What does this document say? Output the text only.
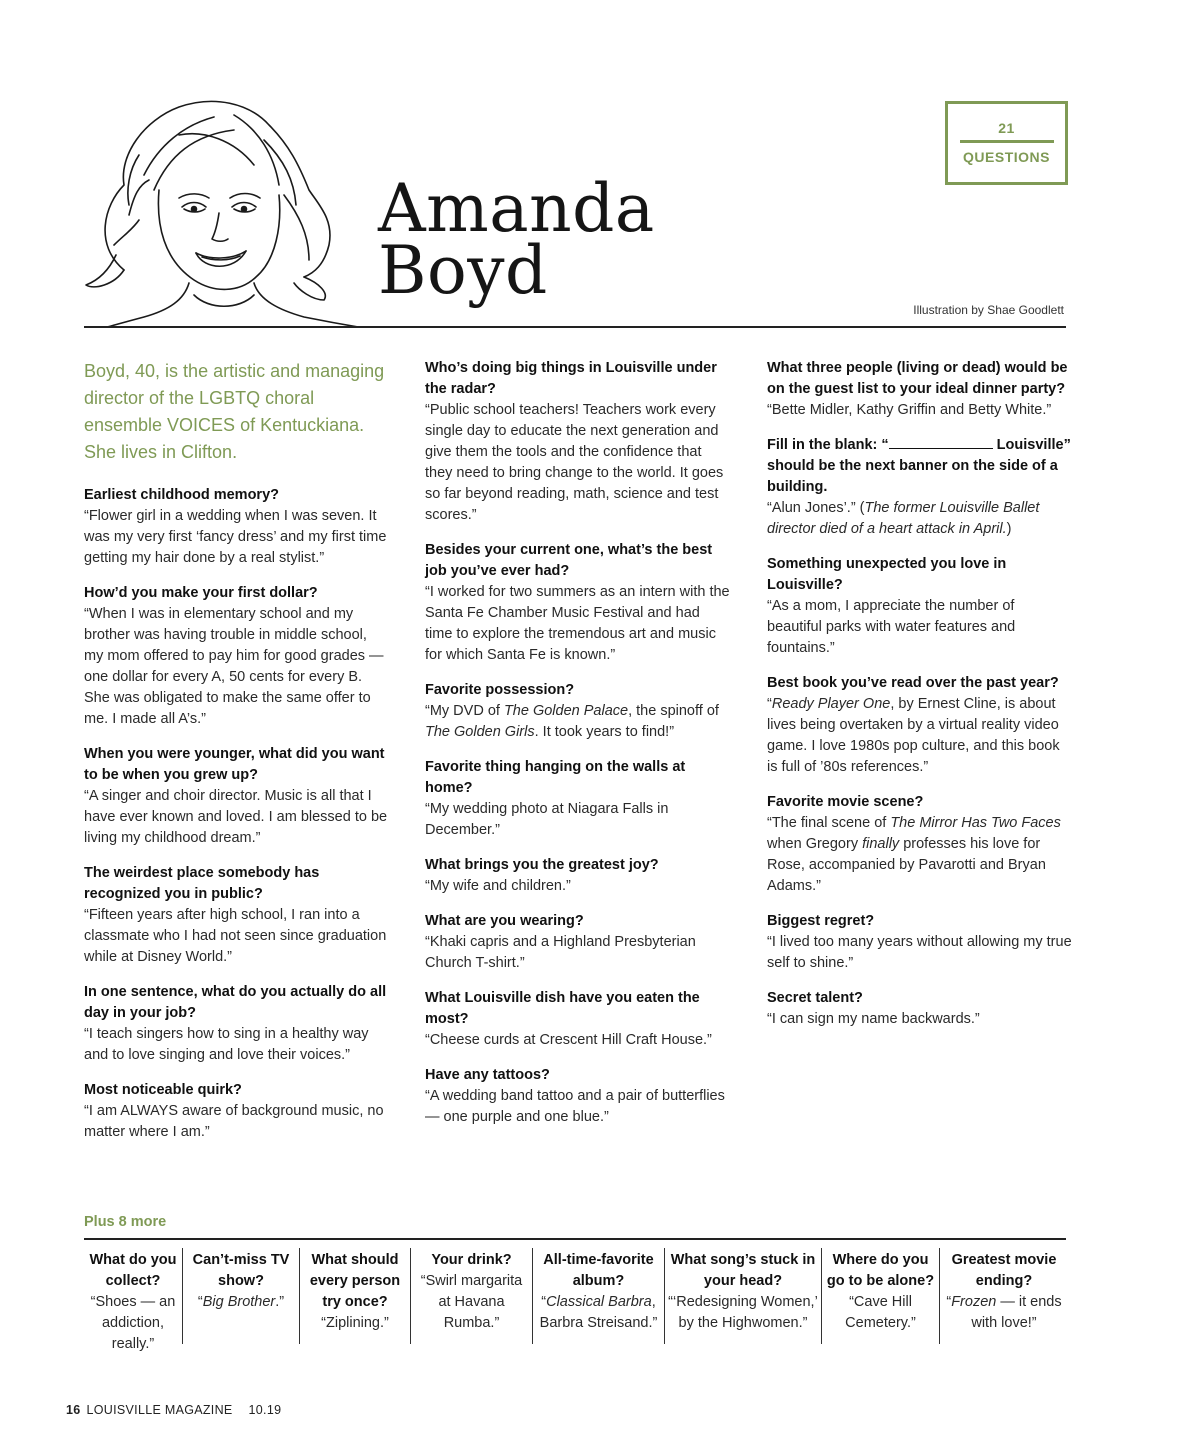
Amanda
Boyd
21
QUESTIONS
Illustration by Shae Goodlett

Boyd, 40, is the artistic and managing director of the LGBTQ choral ensemble VOICES of Kentuckiana. She lives in Clifton.

Earliest childhood memory?
“Flower girl in a wedding when I was seven. It was my very first ‘fancy dress’ and my first time getting my hair done by a real stylist.”
How’d you make your first dollar?
“When I was in elementary school and my brother was having trouble in middle school, my mom offered to pay him for good grades — one dollar for every A, 50 cents for every B. She was obligated to make the same offer to me. I made all A’s.”
When you were younger, what did you want to be when you grew up?
“A singer and choir director. Music is all that I have ever known and loved. I am blessed to be living my childhood dream.”
The weirdest place somebody has recognized you in public?
“Fifteen years after high school, I ran into a classmate who I had not seen since graduation while at Disney World.”
In one sentence, what do you actually do all day in your job?
“I teach singers how to sing in a healthy way and to love singing and love their voices.”
Most noticeable quirk?
“I am ALWAYS aware of background music, no matter where I am.”
Who’s doing big things in Louisville under the radar?
“Public school teachers! Teachers work every single day to educate the next generation and give them the tools and the confidence that they need to bring change to the world. It goes so far beyond reading, math, science and test scores.”
Besides your current one, what’s the best job you’ve ever had?
“I worked for two summers as an intern with the Santa Fe Chamber Music Festival and had time to explore the tremendous art and music for which Santa Fe is known.”
Favorite possession?
“My DVD of The Golden Palace, the spinoff of The Golden Girls. It took years to find!”
Favorite thing hanging on the walls at home?
“My wedding photo at Niagara Falls in December.”
What brings you the greatest joy?
“My wife and children.”
What are you wearing?
“Khaki capris and a Highland Presbyterian Church T-shirt.”
What Louisville dish have you eaten the most?
“Cheese curds at Crescent Hill Craft House.”
Have any tattoos?
“A wedding band tattoo and a pair of butterflies — one purple and one blue.”
What three people (living or dead) would be on the guest list to your ideal dinner party?
“Bette Midler, Kathy Griffin and Betty White.”
Fill in the blank: “	Louisville” should be the next banner on the side of a building.
“Alun Jones’.” (The former Louisville Ballet director died of a heart attack in April.)
Something unexpected you love in Louisville?
“As a mom, I appreciate the number of beautiful parks with water features and fountains.”
Best book you’ve read over the past year?
“Ready Player One, by Ernest Cline, is about lives being overtaken by a virtual reality video game. I love 1980s pop culture, and this book is full of ’80s references.”
Favorite movie scene?
“The final scene of The Mirror Has Two Faces when Gregory finally professes his love for Rose, accompanied by Pavarotti and Bryan Adams.”
Biggest regret?
“I lived too many years without allowing my true self to shine.”
Secret talent?
“I can sign my name backwards.”
Plus 8 more
What do you collect?
“Shoes — an addiction, really.”
Can’t-miss TV show?
“Big Brother.”
What should every person try once?
“Ziplining.”
Your drink?
“Swirl margarita at Havana Rumba.”
All-time-favorite album?
“Classical Barbra, Barbra Streisand.”
What song’s stuck in your head?
“‘Redesigning Women,’ by the Highwomen.”
Where do you go to be alone?
“Cave Hill Cemetery.”
Greatest movie ending?
“Frozen — it ends with love!”
16 LOUISVILLE MAGAZINE 10.19
